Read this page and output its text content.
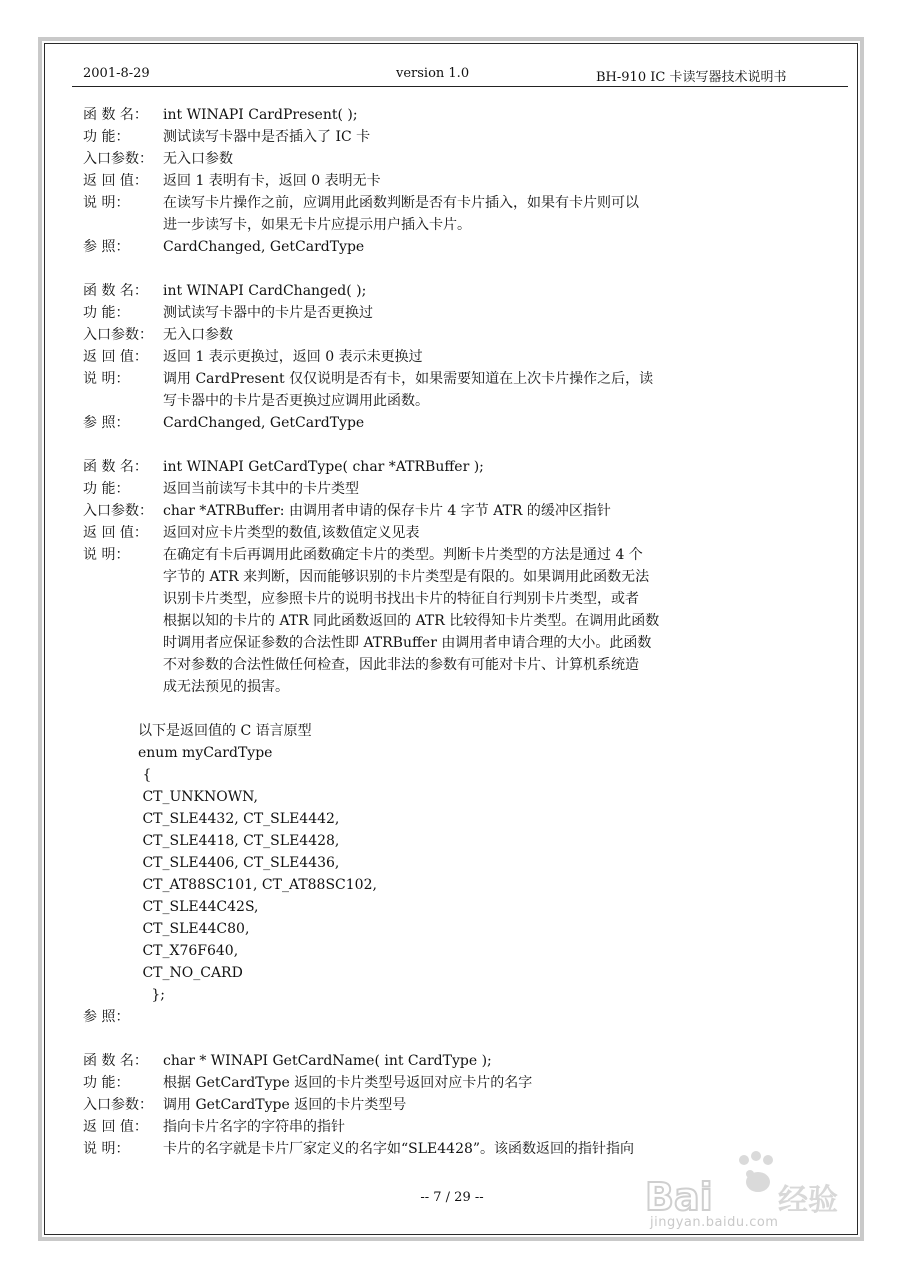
2001-8-29	version 1.0	BH-910 IC 卡读写器技术说明书
函 数 名：	int WINAPI CardPresent( );
功 能：	测试读写卡器中是否插入了 IC 卡
入口参数： 无入口参数
返 回 值：	返回 1 表明有卡，返回 0 表明无卡
说 明：	在读写卡片操作之前，应调用此函数判断是否有卡片插入，如果有卡片则可以
进一步读写卡，如果无卡片应提示用户插入卡片。
参 照：	CardChanged, GetCardType
函 数 名：	int WINAPI CardChanged( );
功 能：	测试读写卡器中的卡片是否更换过
入口参数： 无入口参数
返 回 值：	返回 1 表示更换过，返回 0 表示未更换过
说 明：	调用 CardPresent 仅仅说明是否有卡，如果需要知道在上次卡片操作之后，读
写卡器中的卡片是否更换过应调用此函数。
参 照：	CardChanged, GetCardType
函 数 名：	int WINAPI GetCardType( char *ATRBuffer );
功 能：	返回当前读写卡其中的卡片类型
入口参数： char *ATRBuffer: 由调用者申请的保存卡片 4 字节 ATR 的缓冲区指针
返 回 值：	返回对应卡片类型的数值,该数值定义见表
说 明：	在确定有卡后再调用此函数确定卡片的类型。判断卡片类型的方法是通过 4 个
字节的 ATR 来判断，因而能够识别的卡片类型是有限的。如果调用此函数无法
识别卡片类型，应参照卡片的说明书找出卡片的特征自行判别卡片类型，或者
根据以知的卡片的 ATR 同此函数返回的 ATR 比较得知卡片类型。在调用此函数
时调用者应保证参数的合法性即 ATRBuffer 由调用者申请合理的大小。此函数
不对参数的合法性做任何检查，因此非法的参数有可能对卡片、计算机系统造
成无法预见的损害。
以下是返回值的 C 语言原型
enum myCardType
{
CT_UNKNOWN,
CT_SLE4432, CT_SLE4442,
CT_SLE4418, CT_SLE4428,
CT_SLE4406, CT_SLE4436,
CT_AT88SC101, CT_AT88SC102,
CT_SLE44C42S,
CT_SLE44C80,
CT_X76F640,
CT_NO_CARD
};
参 照：
函 数 名：	char * WINAPI GetCardName( int CardType );
功 能：	根据 GetCardType 返回的卡片类型号返回对应卡片的名字
入口参数： 调用 GetCardType 返回的卡片类型号
返 回 值：	指向卡片名字的字符串的指针
说 明：	卡片的名字就是卡片厂家定义的名字如“SLE4428”。该函数返回的指针指向
-- 7 / 29 --	Bai 经验
jingyan.baidu.com
